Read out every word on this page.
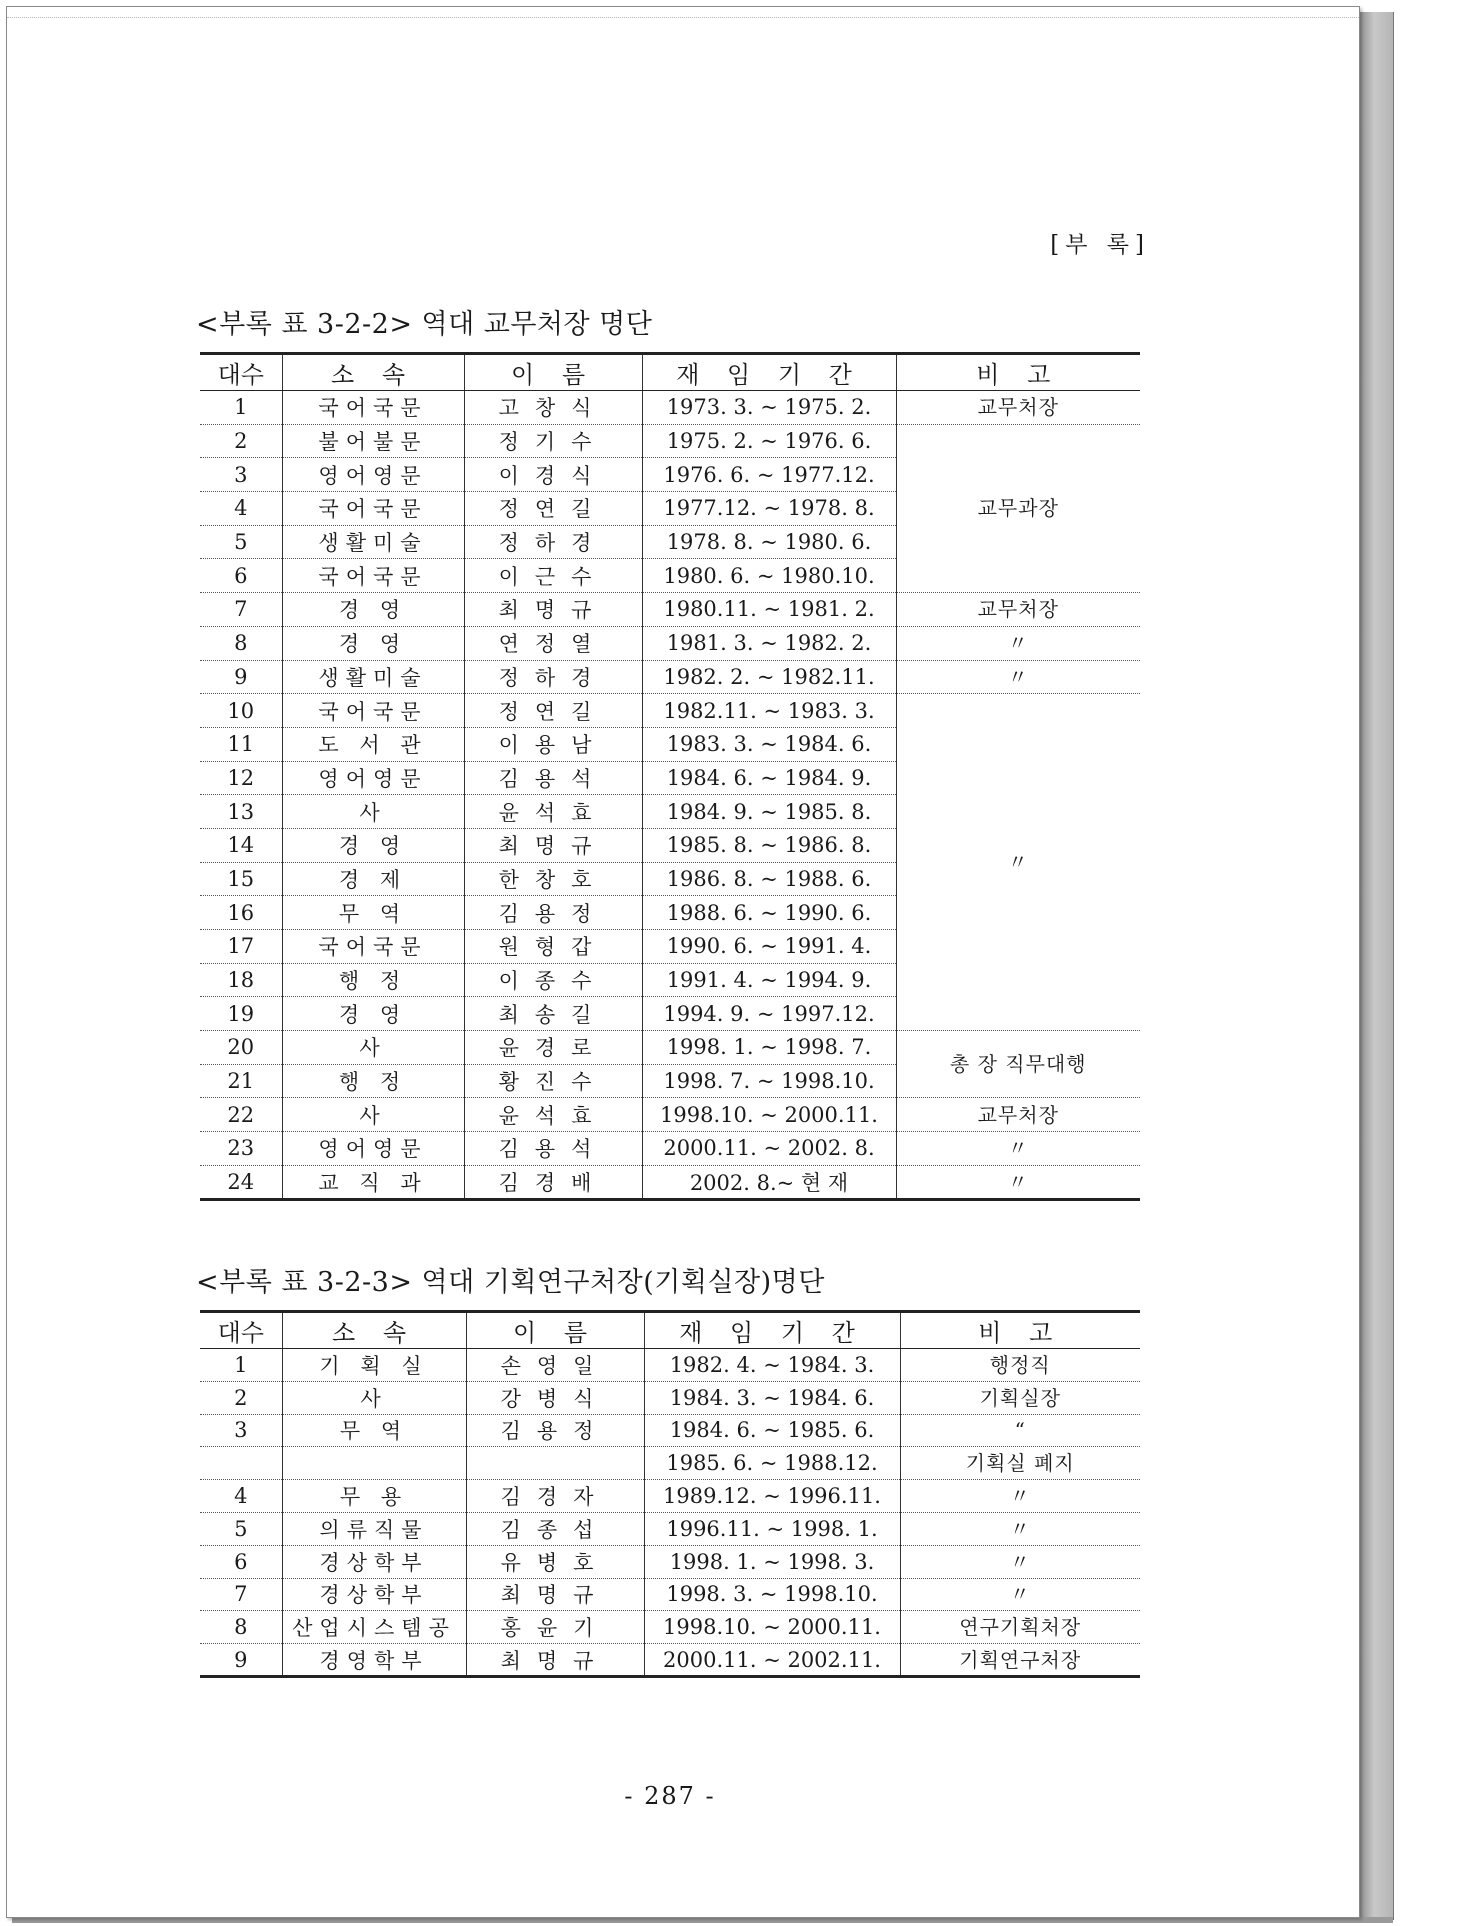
[부 록]
<부록 표 3-2-2> 역대 교무처장 명단
대수	소 속	이 름	재 임 기 간	비 고
1	국어국문	고창식	1973. 3. ~ 1975. 2.	교무처장
2	불어불문	정기수	1975. 2. ~ 1976. 6.	교무과장
3	영어영문	이경식	1976. 6. ~ 1977.12.	
4	국어국문	정연길	1977.12. ~ 1978. 8.	
5	생활미술	정하경	1978. 8. ~ 1980. 6.	
6	국어국문	이근수	1980. 6. ~ 1980.10.	
7	경 영	최명규	1980.11. ~ 1981. 2.	교무처장
8	경 영	연정열	1981. 3. ~ 1982. 2.	〃
9	생활미술	정하경	1982. 2. ~ 1982.11.	〃
10	국어국문	정연길	1982.11. ~ 1983. 3.	〃
11	도 서 관	이용남	1983. 3. ~ 1984. 6.	
12	영어영문	김용석	1984. 6. ~ 1984. 9.	
13	사	윤석효	1984. 9. ~ 1985. 8.	
14	경 영	최명규	1985. 8. ~ 1986. 8.	
15	경 제	한창호	1986. 8. ~ 1988. 6.	
16	무 역	김용정	1988. 6. ~ 1990. 6.	
17	국어국문	원형갑	1990. 6. ~ 1991. 4.	
18	행 정	이종수	1991. 4. ~ 1994. 9.	
19	경 영	최송길	1994. 9. ~ 1997.12.	
20	사	윤경로	1998. 1. ~ 1998. 7.	총 장 직무대행
21	행 정	황진수	1998. 7. ~ 1998.10.	
22	사	윤석효	1998.10. ~ 2000.11.	교무처장
23	영어영문	김용석	2000.11. ~ 2002. 8.	〃
24	교 직 과	김경배	2002. 8.~ 현 재	〃
<부록 표 3-2-3> 역대 기획연구처장(기획실장)명단
대수	소 속	이 름	재 임 기 간	비 고
1	기 획 실	손영일	1982. 4. ~ 1984. 3.	행정직
2	사	강병식	1984. 3. ~ 1984. 6.	기획실장
3	무 역	김용정	1984. 6. ~ 1985. 6.	“
			1985. 6. ~ 1988.12.	기획실 폐지
4	무 용	김경자	1989.12. ~ 1996.11.	〃
5	의류직물	김종섭	1996.11. ~ 1998. 1.	〃
6	경상학부	유병호	1998. 1. ~ 1998. 3.	〃
7	경상학부	최명규	1998. 3. ~ 1998.10.	〃
8	산업시스템공	홍윤기	1998.10. ~ 2000.11.	연구기획처장
9	경영학부	최명규	2000.11. ~ 2002.11.	기획연구처장
- 287 -
